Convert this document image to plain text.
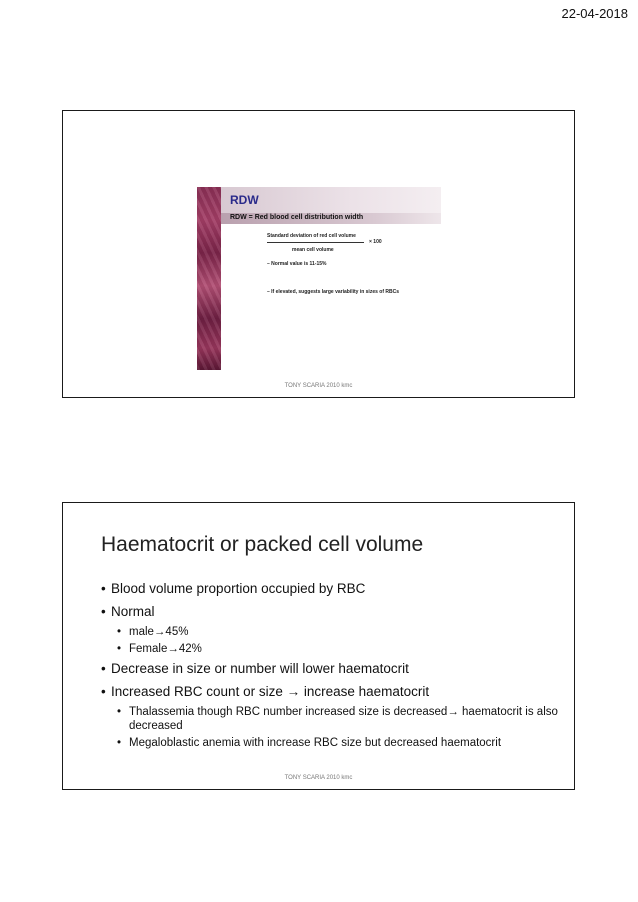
22-04-2018
RDW
RDW = Red blood cell distribution width
Standard deviation of red cell volume
× 100
mean cell volume
– Normal value is 11-15%
– If elevated, suggests large variability in sizes of RBCs
TONY SCARIA 2010 kmc
Haematocrit or packed cell volume
• Blood volume proportion occupied by RBC
• Normal
• male→45%
• Female→42%
• Decrease in size or number will lower haematocrit
• Increased RBC count or size → increase haematocrit
• Thalassemia though RBC number increased size is decreased→ haematocrit is also decreased
• Megaloblastic anemia with increase RBC size but decreased haematocrit
TONY SCARIA 2010 kmc
